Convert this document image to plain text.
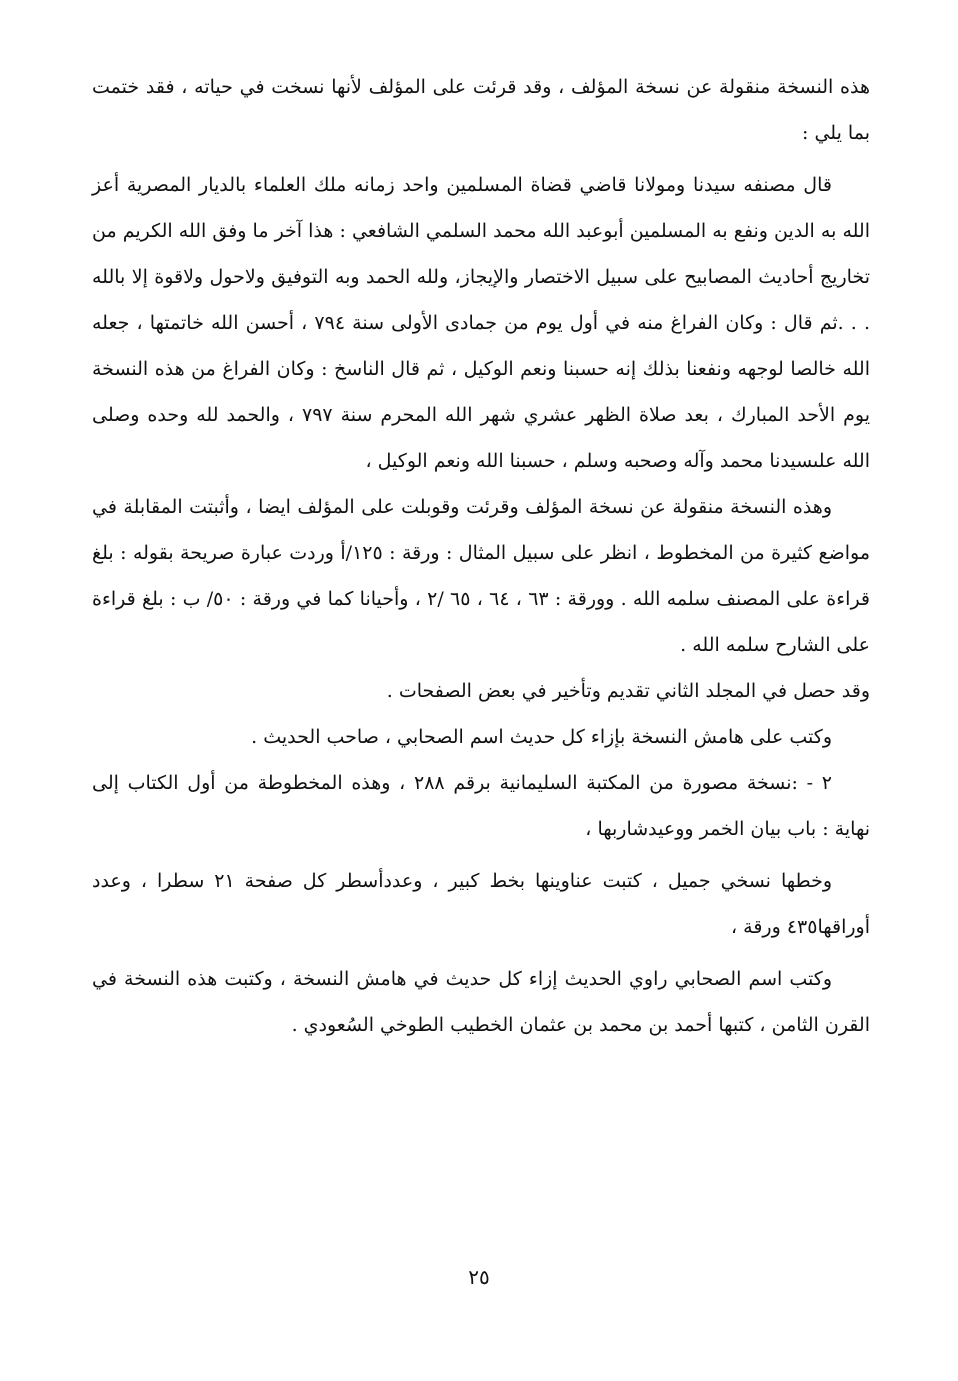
هذه النسخة منقولة عن نسخة المؤلف ، وقد قرئت على المؤلف لأنها نسخت في حياته ، فقد ختمت بما يلي :

قال مصنفه سيدنا ومولانا قاضي قضاة المسلمين واحد زمانه ملك العلماء بالديار المصرية أعز الله به الدين ونفع به المسلمين أبوعبد الله محمد السلمي الشافعي : هذا آخر ما وفق الله الكريم من تخاريج أحاديث المصابيح على سبيل الاختصار والإيجاز، ولله الحمد وبه التوفيق ولاحول ولاقوة إلا بالله . . .ثم قال : وكان الفراغ منه في أول يوم من جمادى الأولى سنة ٧٩٤ ، أحسن الله خاتمتها ، جعله الله خالصا لوجهه ونفعنا بذلك إنه حسبنا ونعم الوكيل ، ثم قال الناسخ : وكان الفراغ من هذه النسخة يوم الأحد المبارك ، بعد صلاة الظهر عشري شهر الله المحرم سنة ٧٩٧ ، والحمد لله وحده وصلى الله علىسيدنا محمد وآله وصحبه وسلم ، حسبنا الله ونعم الوكيل ،

وهذه النسخة منقولة عن نسخة المؤلف وقرئت وقوبلت على المؤلف ايضا ، وأثبتت المقابلة في مواضع كثيرة من المخطوط ، انظر على سبيل المثال : ورقة : ١٢٥/أ وردت عبارة صريحة بقوله : بلغ قراءة على المصنف سلمه الله . وورقة : ٦٣ ، ٦٤ ، ٦٥ /٢ ، وأحيانا كما في ورقة : ٥٠/ ب : بلغ قراءة على الشارح سلمه الله .

وقد حصل في المجلد الثاني تقديم وتأخير في بعض الصفحات .

وكتب على هامش النسخة بإزاء كل حديث اسم الصحابي ، صاحب الحديث .

٢ - :نسخة مصورة من المكتبة السليمانية برقم ٢٨٨ ، وهذه المخطوطة من أول الكتاب إلى نهاية : باب بيان الخمر ووعيدشاربها ،

وخطها نسخي جميل ، كتبت عناوينها بخط كبير ، وعددأسطر كل صفحة ٢١ سطرا ، وعدد أوراقها٤٣٥ ورقة ،

وكتب اسم الصحابي راوي الحديث إزاء كل حديث في هامش النسخة ، وكتبت هذه النسخة في القرن الثامن ، كتبها أحمد بن محمد بن عثمان الخطيب الطوخي السُعودي .

٢٥
